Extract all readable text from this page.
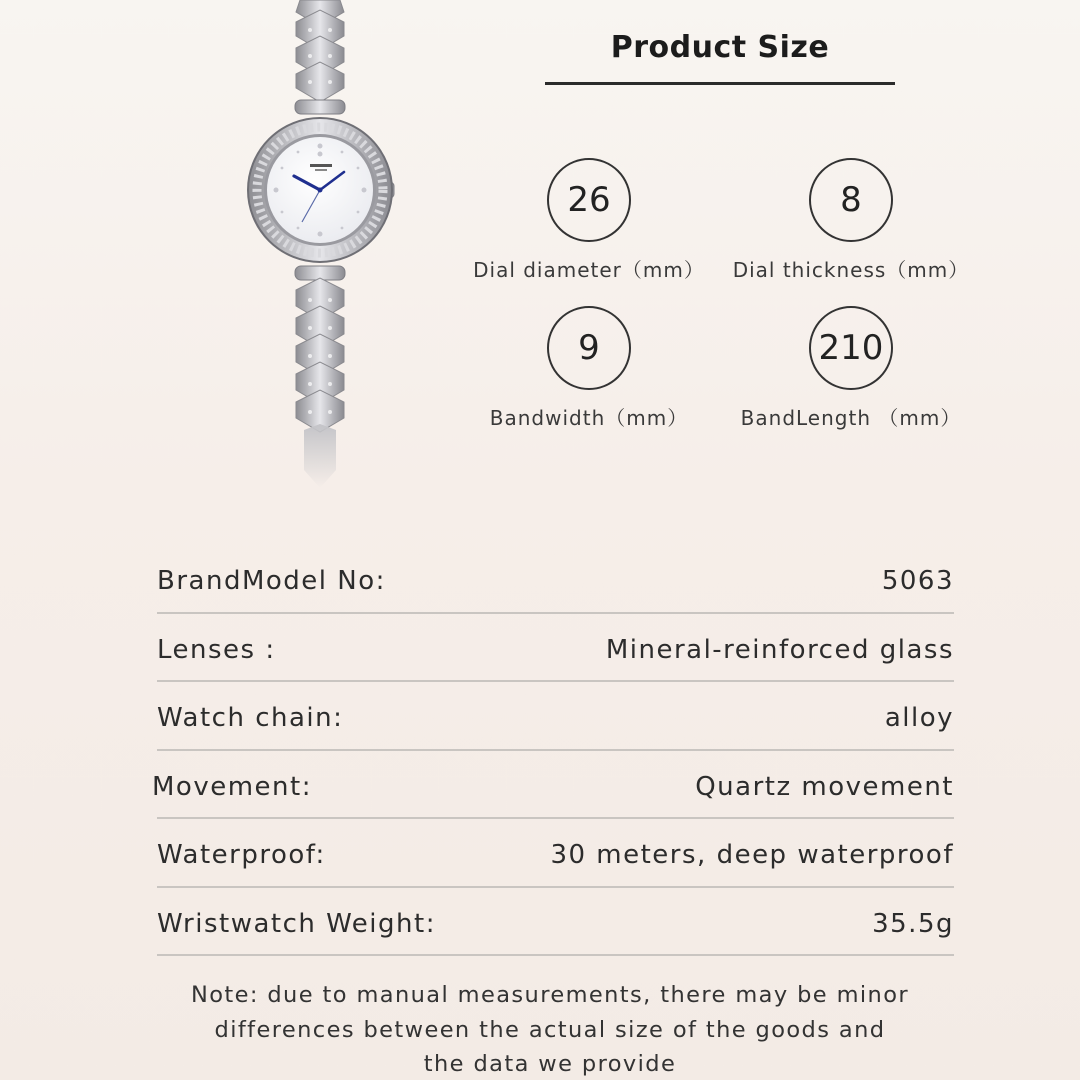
Product Size
26
Dial diameter（mm）
8
Dial thickness（mm）
9
Bandwidth（mm）
210
BandLength （mm）
BrandModel No:	5063
Lenses :	Mineral-reinforced glass
Watch chain:	alloy
Movement:	Quartz movement
Waterproof:	30 meters, deep waterproof
Wristwatch Weight:	35.5g
Note: due to manual measurements, there may be minor
differences between the actual size of the goods and
the data we provide
